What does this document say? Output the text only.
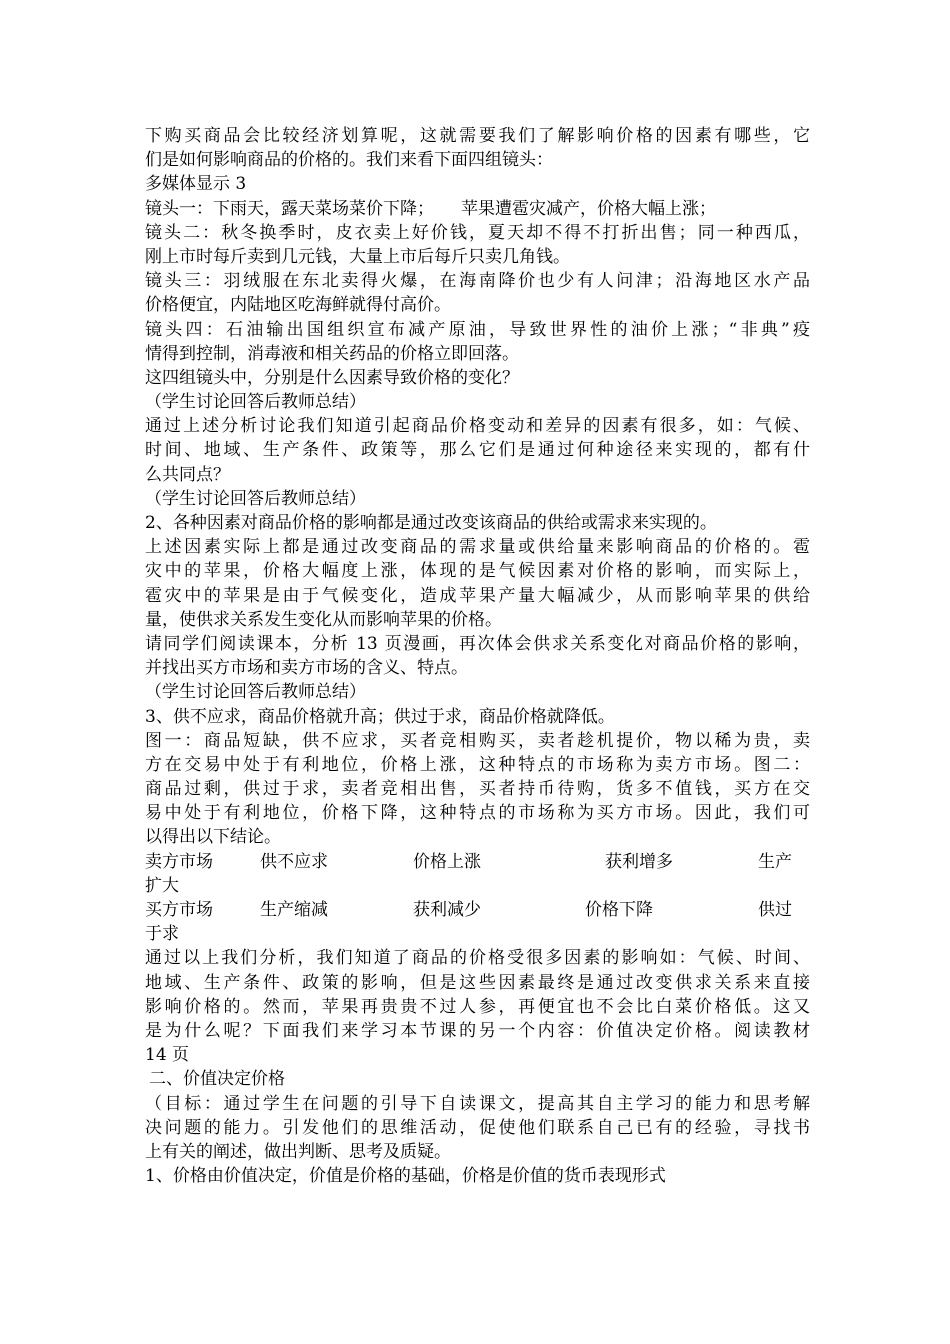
下购买商品会比较经济划算呢，这就需要我们了解影响价格的因素有哪些，它
们是如何影响商品的价格的。我们来看下面四组镜头：
多媒体显示 3
镜头一：下雨天，露天菜场菜价下降；     苹果遭雹灾减产，价格大幅上涨；
镜头二：秋冬换季时，皮衣卖上好价钱，夏天却不得不打折出售；同一种西瓜，
刚上市时每斤卖到几元钱，大量上市后每斤只卖几角钱。
镜头三：羽绒服在东北卖得火爆，在海南降价也少有人问津；沿海地区水产品
价格便宜，内陆地区吃海鲜就得付高价。
镜头四：石油输出国组织宣布减产原油，导致世界性的油价上涨；“非典”疫
情得到控制，消毒液和相关药品的价格立即回落。
这四组镜头中，分别是什么因素导致价格的变化？
（学生讨论回答后教师总结）
通过上述分析讨论我们知道引起商品价格变动和差异的因素有很多，如：气候、
时间、地域、生产条件、政策等，那么它们是通过何种途径来实现的，都有什
么共同点？
（学生讨论回答后教师总结）
2、各种因素对商品价格的影响都是通过改变该商品的供给或需求来实现的。
上述因素实际上都是通过改变商品的需求量或供给量来影响商品的价格的。雹
灾中的苹果，价格大幅度上涨，体现的是气候因素对价格的影响，而实际上，
雹灾中的苹果是由于气候变化，造成苹果产量大幅减少，从而影响苹果的供给
量，使供求关系发生变化从而影响苹果的价格。
请同学们阅读课本，分析 13 页漫画，再次体会供求关系变化对商品价格的影响，
并找出买方市场和卖方市场的含义、特点。
（学生讨论回答后教师总结）
3、供不应求，商品价格就升高；供过于求，商品价格就降低。
图一：商品短缺，供不应求，买者竞相购买，卖者趁机提价，物以稀为贵，卖
方在交易中处于有利地位，价格上涨，这种特点的市场称为卖方市场。图二：
商品过剩，供过于求，卖者竞相出售，买者持币待购，货多不值钱，买方在交
易中处于有利地位，价格下降，这种特点的市场称为买方市场。因此，我们可
以得出以下结论。
卖方市场	供不应求	价格上涨	获利增多	生产
扩大
买方市场	生产缩减	获利减少	价格下降	供过
于求
通过以上我们分析，我们知道了商品的价格受很多因素的影响如：气候、时间、
地域、生产条件、政策的影响，但是这些因素最终是通过改变供求关系来直接
影响价格的。然而，苹果再贵贵不过人参，再便宜也不会比白菜价格低。这又
是为什么呢？下面我们来学习本节课的另一个内容：价值决定价格。阅读教材
14 页
二、价值决定价格
（目标：通过学生在问题的引导下自读课文，提高其自主学习的能力和思考解
决问题的能力。引发他们的思维活动，促使他们联系自己已有的经验，寻找书
上有关的阐述，做出判断、思考及质疑。
1、价格由价值决定，价值是价格的基础，价格是价值的货币表现形式
